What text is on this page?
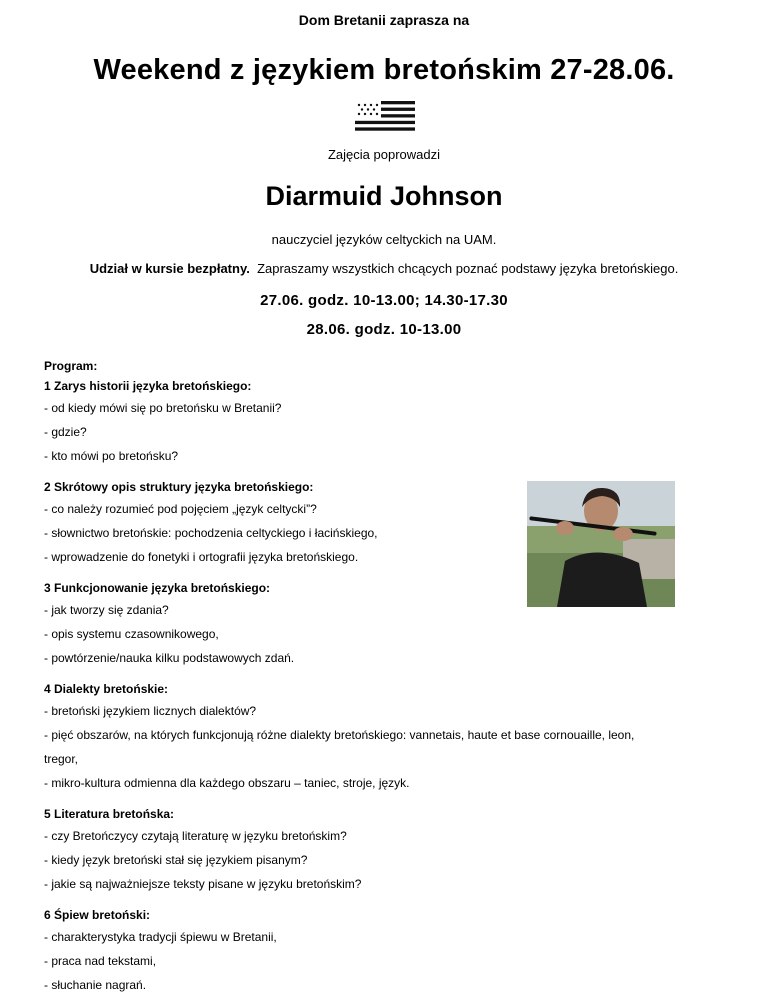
Dom Bretanii zaprasza na
Weekend z językiem bretońskim 27-28.06.
Zajęcia poprowadzi
Diarmuid Johnson
nauczyciel języków celtyckich na UAM.
Udział w kursie bezpłatny. Zapraszamy wszystkich chcących poznać podstawy języka bretońskiego.
27.06. godz. 10-13.00; 14.30-17.30
28.06. godz. 10-13.00
Program:
1 Zarys historii języka bretońskiego:
- od kiedy mówi się po bretońsku w Bretanii?
- gdzie?
- kto mówi po bretońsku?
2 Skrótowy opis struktury języka bretońskiego:
- co należy rozumieć pod pojęciem „język celtycki”?
- słownictwo bretońskie: pochodzenia celtyckiego i łacińskiego,
- wprowadzenie do fonetyki i ortografii języka bretońskiego.
3 Funkcjonowanie języka bretońskiego:
- jak tworzy się zdania?
- opis systemu czasownikowego,
- powtórzenie/nauka kilku podstawowych zdań.
4 Dialekty bretońskie:
- bretoński językiem licznych dialektów?
- pięć obszarów, na których funkcjonują różne dialekty bretońskiego: vannetais, haute et base cornouaille, leon,
tregor,
- mikro-kultura odmienna dla każdego obszaru – taniec, stroje, język.
5 Literatura bretońska:
- czy Bretończycy czytają literaturę w języku bretońskim?
- kiedy język bretoński stał się językiem pisanym?
- jakie są najważniejsze teksty pisane w języku bretońskim?
6 Śpiew bretoński:
- charakterystyka tradycji śpiewu w Bretanii,
- praca nad tekstami,
- słuchanie nagrań.
